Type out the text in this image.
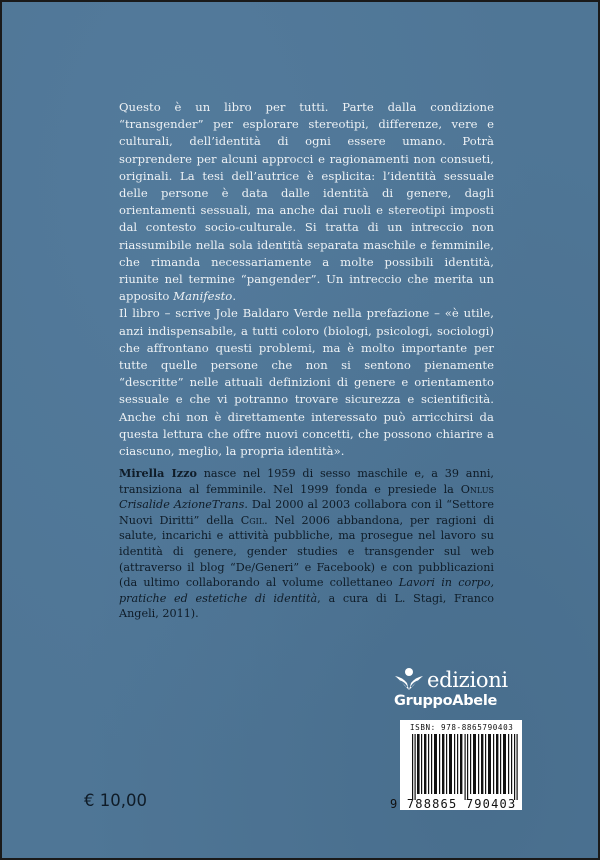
Questo è un libro per tutti. Parte dalla condizione “transgender” per esplorare stereotipi, differenze, vere e culturali, dell’identità di ogni essere umano. Potrà sorprendere per alcuni approcci e ragionamenti non consueti, originali. La tesi dell’autrice è esplicita: l’identità sessuale delle persone è data dalle identità di genere, dagli orientamenti sessuali, ma anche dai ruoli e stereotipi imposti dal contesto socio-culturale. Si tratta di un intreccio non riassumibile nella sola identità separata maschile e femminile, che rimanda necessariamente a molte possibili identità, riunite nel termine “pangender”. Un intreccio che merita un apposito Manifesto.

Il libro – scrive Jole Baldaro Verde nella prefazione – «è utile, anzi indispensabile, a tutti coloro (biologi, psicologi, sociologi) che affrontano questi problemi, ma è molto importante per tutte quelle persone che non si sentono pienamente “descritte” nelle attuali definizioni di genere e orientamento sessuale e che vi potranno trovare sicurezza e scientificità. Anche chi non è direttamente interessato può arricchirsi da questa lettura che offre nuovi concetti, che possono chiarire a ciascuno, meglio, la propria identità».

Mirella Izzo nasce nel 1959 di sesso maschile e, a 39 anni, transiziona al femminile. Nel 1999 fonda e presiede la Onlus Crisalide AzioneTrans. Dal 2000 al 2003 collabora con il “Settore Nuovi Diritti” della Cgil. Nel 2006 abbandona, per ragioni di salute, incarichi e attività pubbliche, ma prosegue nel lavoro su identità di genere, gender studies e transgender sul web (attraverso il blog “De/Generi” e Facebook) e con pubblicazioni (da ultimo collaborando al volume collettaneo Lavori in corpo, pratiche ed estetiche di identità, a cura di L. Stagi, Franco Angeli, 2011).

edizioni
GruppoAbele
ISBN: 978-8865790403
9 788865 790403
€ 10,00
